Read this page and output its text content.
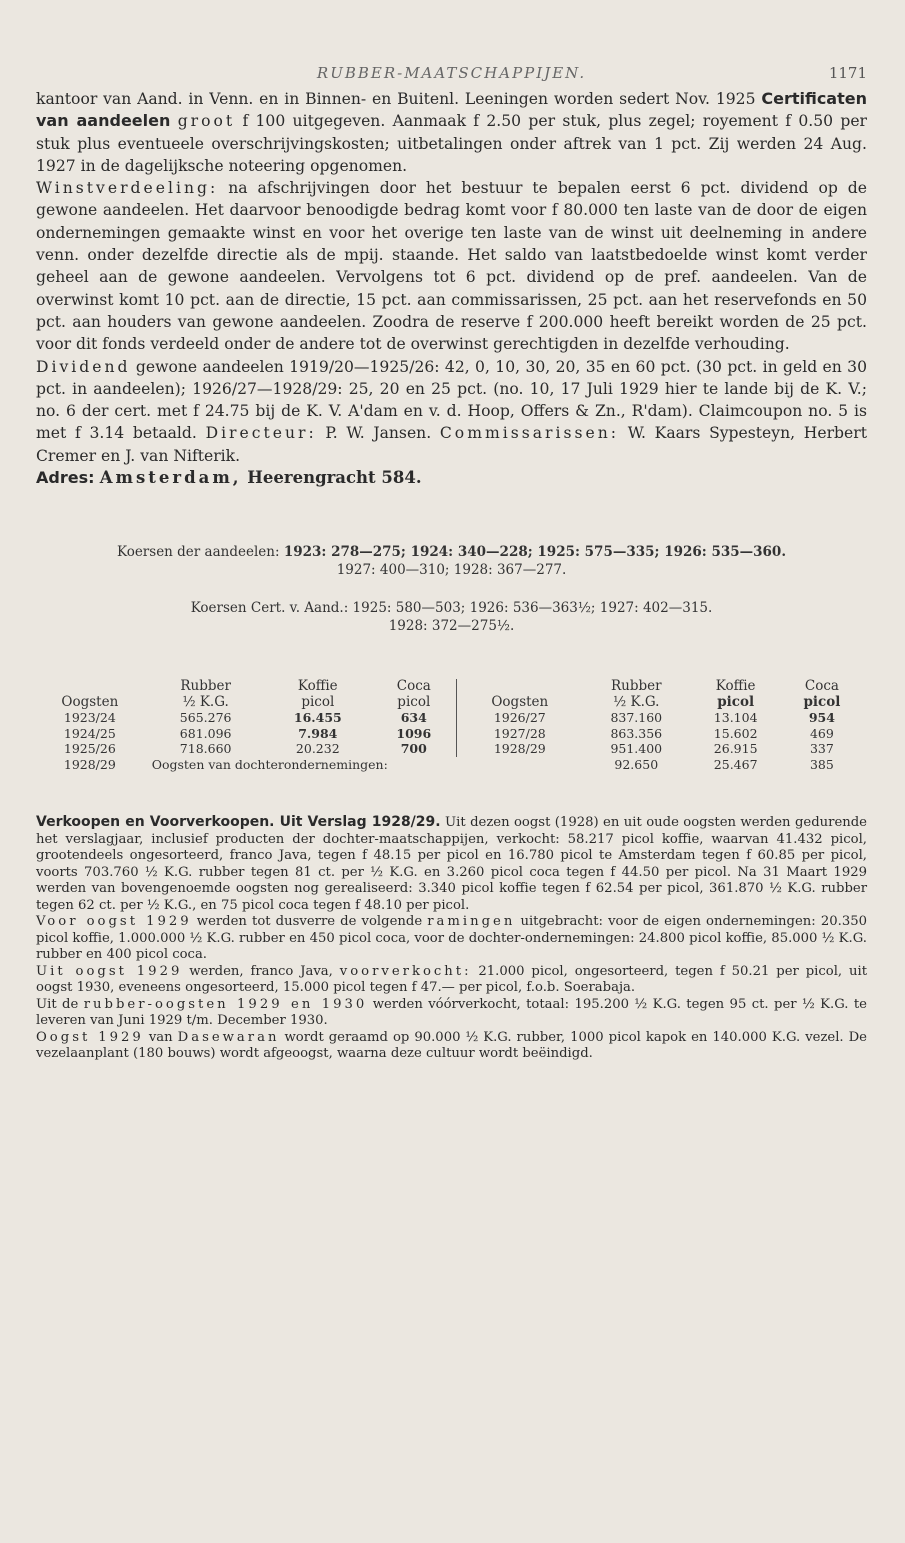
RUBBER-MAATSCHAPPIJEN.	1171

kantoor van Aand. in Venn. en in Binnen- en Buitenl. Leeningen worden sedert Nov. 1925 Certificaten van aandeelen groot f 100 uitgegeven. Aanmaak f 2.50 per stuk, plus zegel; royement f 0.50 per stuk plus eventueele overschrijvingskosten; uitbetalingen onder aftrek van 1 pct. Zij werden 24 Aug. 1927 in de dagelijksche noteering opgenomen.

Winstverdeeling: na afschrijvingen door het bestuur te bepalen eerst 6 pct. dividend op de gewone aandeelen. Het daarvoor benoodigde bedrag komt voor f 80.000 ten laste van de door de eigen ondernemingen gemaakte winst en voor het overige ten laste van de winst uit deelneming in andere venn. onder dezelfde directie als de mpij. staande. Het saldo van laatstbedoelde winst komt verder geheel aan de gewone aandeelen. Vervolgens tot 6 pct. dividend op de pref. aandeelen. Van de overwinst komt 10 pct. aan de directie, 15 pct. aan commissarissen, 25 pct. aan het reservefonds en 50 pct. aan houders van gewone aandeelen. Zoodra de reserve f 200.000 heeft bereikt worden de 25 pct. voor dit fonds verdeeld onder de andere tot de overwinst gerechtigden in dezelfde verhouding.

Dividend gewone aandeelen 1919/20—1925/26: 42, 0, 10, 30, 20, 35 en 60 pct. (30 pct. in geld en 30 pct. in aandeelen); 1926/27—1928/29: 25, 20 en 25 pct. (no. 10, 17 Juli 1929 hier te lande bij de K. V.; no. 6 der cert. met f 24.75 bij de K. V. A'dam en v. d. Hoop, Offers & Zn., R'dam). Claimcoupon no. 5 is met f 3.14 betaald. Directeur: P. W. Jansen. Commissarissen: W. Kaars Sypesteyn, Herbert Cremer en J. van Nifterik.

Adres: Amsterdam, Heerengracht 584.

Koersen der aandeelen: 1923: 278—275; 1924: 340—228; 1925: 575—335; 1926: 535—360.
1927: 400—310; 1928: 367—277.
Koersen Cert. v. Aand.: 1925: 580—503; 1926: 536—363½; 1927: 402—315.
1928: 372—275½.
	Rubber	Koffie	Coca		Rubber	Koffie	Coca
Oogsten	½ K.G.	picol	picol	Oogsten	½ K.G.	picol	picol
1923/24	565.276	16.455	634	1926/27	837.160	13.104	954
1924/25	681.096	7.984	1096	1927/28	863.356	15.602	469
1925/26	718.660	20.232	700	1928/29	951.400	26.915	337
1928/29	Oogsten van dochterondernemingen:				92.650	25.467	385

Verkoopen en Voorverkoopen. Uit Verslag 1928/29. Uit dezen oogst (1928) en uit oude oogsten werden gedurende het verslagjaar, inclusief producten der dochter-maatschappijen, verkocht: 58.217 picol koffie, waarvan 41.432 picol, grootendeels ongesorteerd, franco Java, tegen f 48.15 per picol en 16.780 picol te Amsterdam tegen f 60.85 per picol, voorts 703.760 ½ K.G. rubber tegen 81 ct. per ½ K.G. en 3.260 picol coca tegen f 44.50 per picol. Na 31 Maart 1929 werden van bovengenoemde oogsten nog gerealiseerd: 3.340 picol koffie tegen f 62.54 per picol, 361.870 ½ K.G. rubber tegen 62 ct. per ½ K.G., en 75 picol coca tegen f 48.10 per picol.

Voor oogst 1929 werden tot dusverre de volgende ramingen uitgebracht: voor de eigen ondernemingen: 20.350 picol koffie, 1.000.000 ½ K.G. rubber en 450 picol coca, voor de dochter-ondernemingen: 24.800 picol koffie, 85.000 ½ K.G. rubber en 400 picol coca.

Uit oogst 1929 werden, franco Java, voorverkocht: 21.000 picol, ongesorteerd, tegen f 50.21 per picol, uit oogst 1930, eveneens ongesorteerd, 15.000 picol tegen f 47.— per picol, f.o.b. Soerabaja.

Uit de rubber-oogsten 1929 en 1930 werden vóórverkocht, totaal: 195.200 ½ K.G. tegen 95 ct. per ½ K.G. te leveren van Juni 1929 t/m. December 1930.

Oogst 1929 van Dasewaran wordt geraamd op 90.000 ½ K.G. rubber, 1000 picol kapok en 140.000 K.G. vezel. De vezelaanplant (180 bouws) wordt afgeoogst, waarna deze cultuur wordt beëindigd.
